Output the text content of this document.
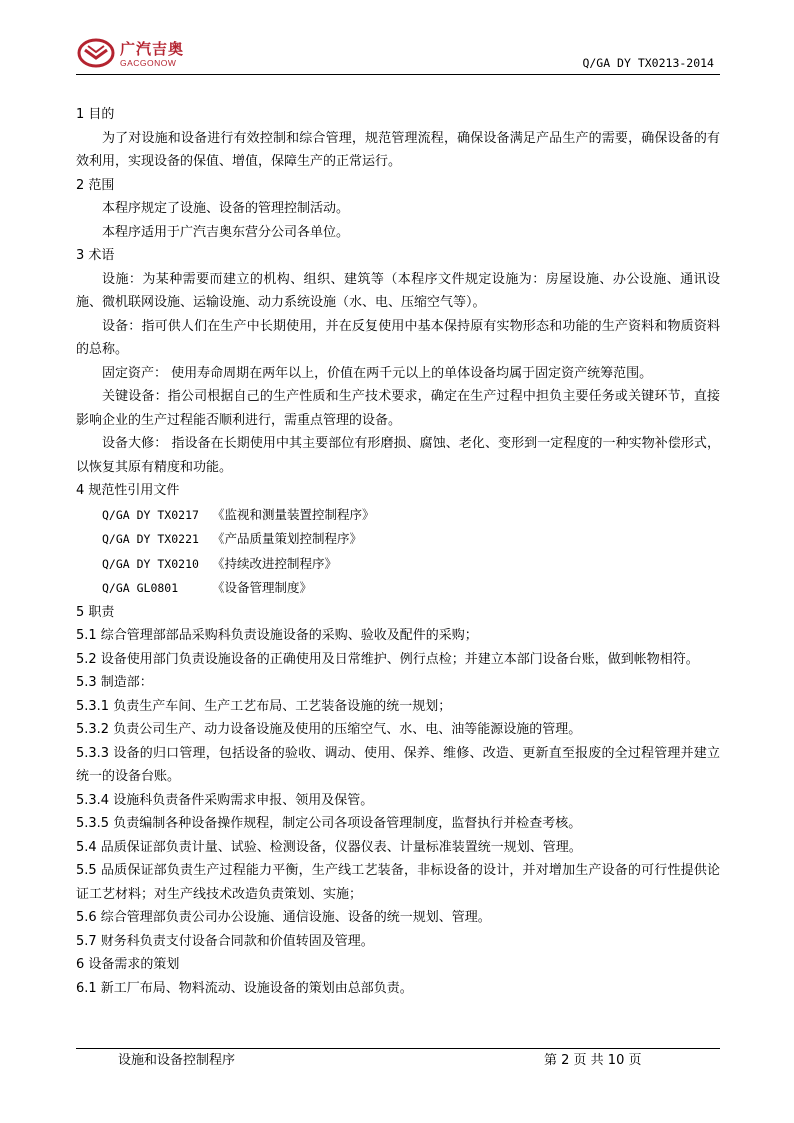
广汽吉奥
GACGONOW	Q/GA DY TX0213-2014
1 目的
为了对设施和设备进行有效控制和综合管理，规范管理流程，确保设备满足产品生产的需要，确保设备的有效利用，实现设备的保值、增值，保障生产的正常运行。
2 范围
本程序规定了设施、设备的管理控制活动。
本程序适用于广汽吉奥东营分公司各单位。
3 术语
设施：为某种需要而建立的机构、组织、建筑等（本程序文件规定设施为：房屋设施、办公设施、通讯设施、微机联网设施、运输设施、动力系统设施（水、电、压缩空气等）。
设备：指可供人们在生产中长期使用，并在反复使用中基本保持原有实物形态和功能的生产资料和物质资料的总称。
固定资产： 使用寿命周期在两年以上，价值在两千元以上的单体设备均属于固定资产统筹范围。
关键设备：指公司根据自己的生产性质和生产技术要求，确定在生产过程中担负主要任务或关键环节，直接影响企业的生产过程能否顺利进行，需重点管理的设备。
设备大修： 指设备在长期使用中其主要部位有形磨损、腐蚀、老化、变形到一定程度的一种实物补偿形式，以恢复其原有精度和功能。
4 规范性引用文件
Q/GA DY TX0217 《监视和测量装置控制程序》
Q/GA DY TX0221 《产品质量策划控制程序》
Q/GA DY TX0210 《持续改进控制程序》
Q/GA GL0801	《设备管理制度》
5 职责
5.1 综合管理部部品采购科负责设施设备的采购、验收及配件的采购；
5.2 设备使用部门负责设施设备的正确使用及日常维护、例行点检；并建立本部门设备台账，做到帐物相符。
5.3 制造部：
5.3.1 负责生产车间、生产工艺布局、工艺装备设施的统一规划；
5.3.2 负责公司生产、动力设备设施及使用的压缩空气、水、电、油等能源设施的管理。
5.3.3 设备的归口管理，包括设备的验收、调动、使用、保养、维修、改造、更新直至报废的全过程管理并建立统一的设备台账。
5.3.4 设施科负责备件采购需求申报、领用及保管。
5.3.5 负责编制各种设备操作规程，制定公司各项设备管理制度，监督执行并检查考核。
5.4 品质保证部负责计量、试验、检测设备，仪器仪表、计量标准装置统一规划、管理。
5.5 品质保证部负责生产过程能力平衡，生产线工艺装备，非标设备的设计，并对增加生产设备的可行性提供论证工艺材料；对生产线技术改造负责策划、实施；
5.6 综合管理部负责公司办公设施、通信设施、设备的统一规划、管理。
5.7 财务科负责支付设备合同款和价值转固及管理。
6 设备需求的策划
6.1 新工厂布局、物料流动、设施设备的策划由总部负责。
设施和设备控制程序	第 2 页 共 10 页
